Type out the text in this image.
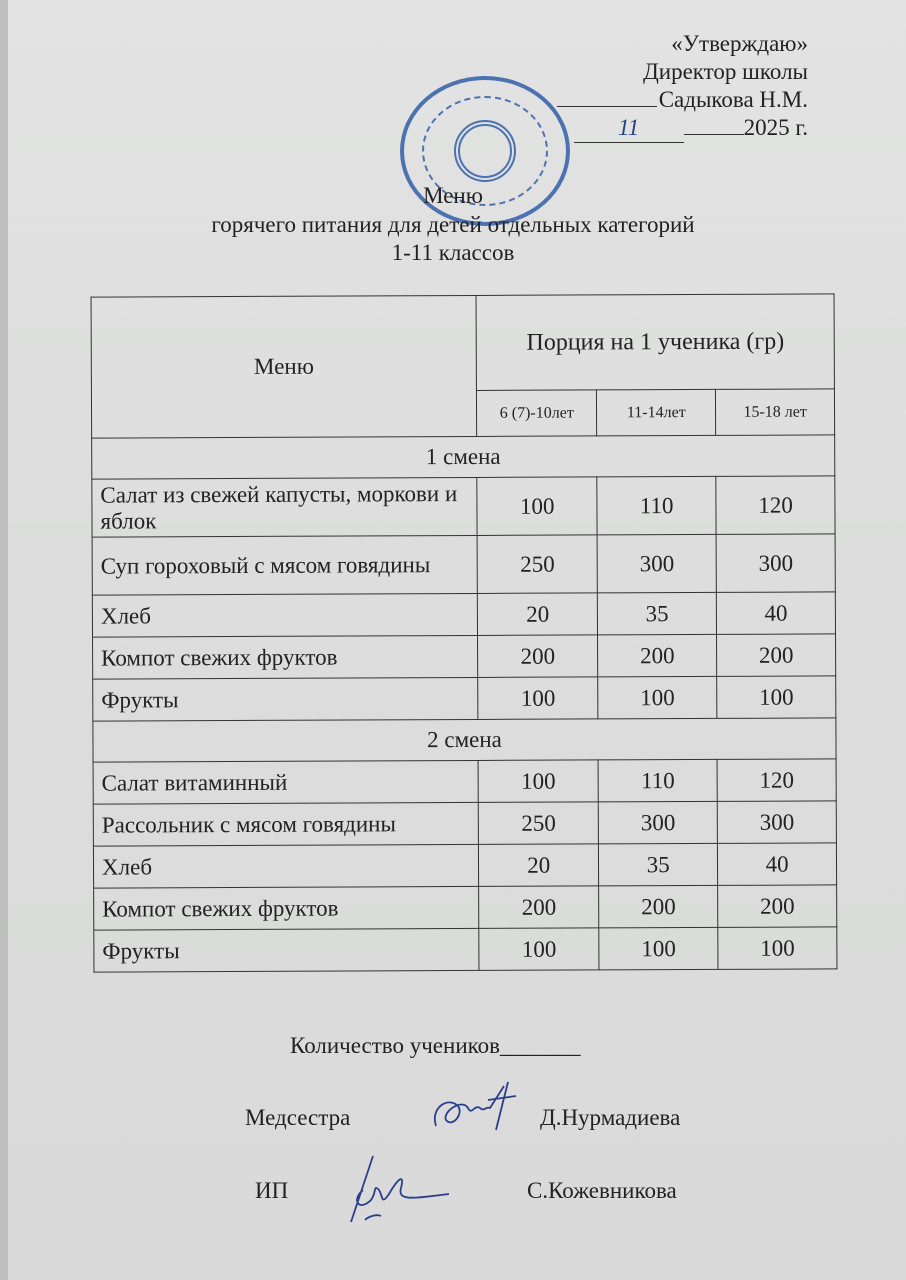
«Утверждаю»
Директор школы
Садыкова Н.М.
11	2025 г.
Меню
горячего питания для детей отдельных категорий
1-11 классов
Меню	Порция на 1 ученика (гр)		
	6 (7)-10лет	11-14лет	15-18 лет
1 смена			
Салат из свежей капусты, моркови и яблок	100	110	120
Суп гороховый с мясом говядины	250	300	300
Хлеб	20	35	40
Компот свежих фруктов	200	200	200
Фрукты	100	100	100
2 смена			
Салат витаминный	100	110	120
Рассольник с мясом говядины	250	300	300
Хлеб	20	35	40
Компот свежих фруктов	200	200	200
Фрукты	100	100	100
Количество учеников_______
Медсестра	Д.Нурмадиева
ИП	С.Кожевникова
